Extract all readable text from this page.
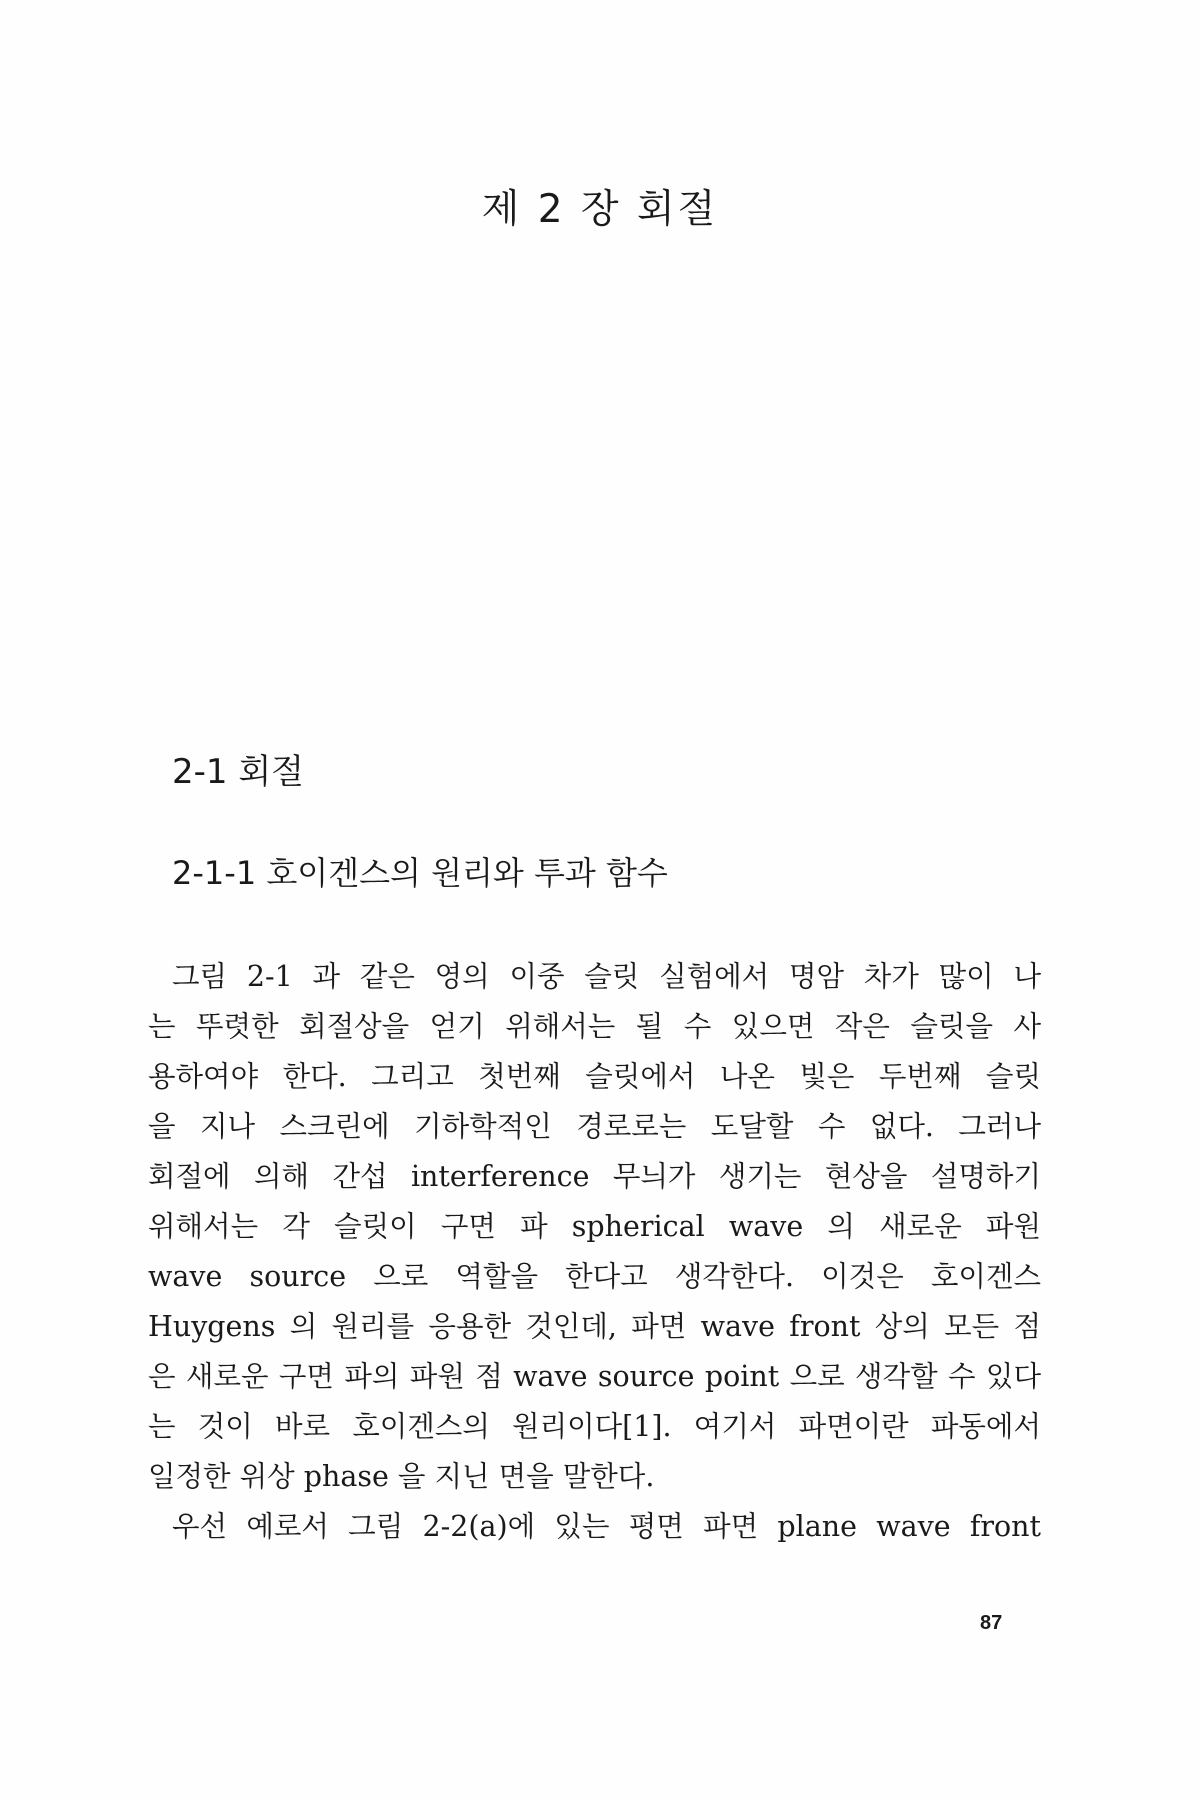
제 2 장 회절
2-1 회절
2-1-1 호이겐스의 원리와 투과 함수
그림 2-1 과 같은 영의 이중 슬릿 실험에서 명암 차가 많이 나
는 뚜렷한 회절상을 얻기 위해서는 될 수 있으면 작은 슬릿을 사
용하여야 한다. 그리고 첫번째 슬릿에서 나온 빛은 두번째 슬릿
을 지나 스크린에 기하학적인 경로로는 도달할 수 없다. 그러나
회절에 의해 간섭 interference 무늬가 생기는 현상을 설명하기
위해서는 각 슬릿이 구면 파 spherical wave 의 새로운 파원
wave source 으로 역할을 한다고 생각한다. 이것은 호이겐스
Huygens 의 원리를 응용한 것인데, 파면 wave front 상의 모든 점
은 새로운 구면 파의 파원 점 wave source point 으로 생각할 수 있다
는 것이 바로 호이겐스의 원리이다[1]. 여기서 파면이란 파동에서
일정한 위상 phase 을 지닌 면을 말한다.
우선 예로서 그림 2-2(a)에 있는 평면 파면 plane wave front
87
